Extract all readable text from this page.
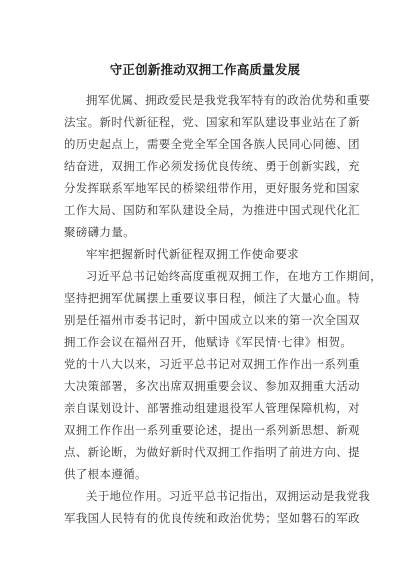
守正创新推动双拥工作高质量发展
拥军优属、拥政爱民是我党我军特有的政治优势和重要
法宝。新时代新征程，党、国家和军队建设事业站在了新
的历史起点上，需要全党全军全国各族人民同心同德、团
结奋进，双拥工作必须发扬优良传统、勇于创新实践，充
分发挥联系军地军民的桥梁纽带作用，更好服务党和国家
工作大局、国防和军队建设全局，为推进中国式现代化汇
聚磅礴力量。
牢牢把握新时代新征程双拥工作使命要求
习近平总书记始终高度重视双拥工作，在地方工作期间，
坚持把拥军优属摆上重要议事日程，倾注了大量心血。特
别是任福州市委书记时，新中国成立以来的第一次全国双
拥工作会议在福州召开，他赋诗《军民情·七律》相贺。
党的十八大以来，习近平总书记对双拥工作作出一系列重
大决策部署，多次出席双拥重要会议、参加双拥重大活动
亲自谋划设计、部署推动组建退役军人管理保障机构，对
双拥工作作出一系列重要论述，提出一系列新思想、新观
点、新论断，为做好新时代双拥工作指明了前进方向、提
供了根本遵循。
关于地位作用。习近平总书记指出，双拥运动是我党我
军我国人民特有的优良传统和政治优势；坚如磐石的军政
